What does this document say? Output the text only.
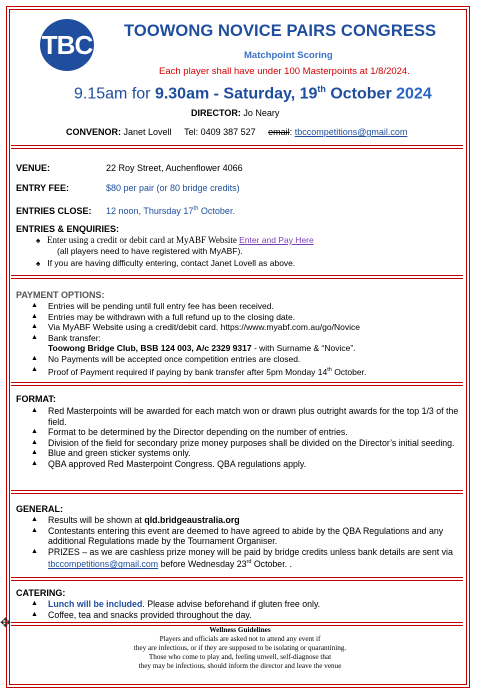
TBC TOOWONG NOVICE PAIRS CONGRESS
Matchpoint Scoring
Each player shall have under 100 Masterpoints at 1/8/2024.
9.15am for 9.30am - Saturday, 19th October 2024
DIRECTOR: Jo Neary
CONVENOR: Janet Lovell Tel: 0409 387 527 email: tbccompetitions@gmail.com
VENUE:	22 Roy Street, Auchenflower 4066
ENTRY FEE:	$80 per pair (or 80 bridge credits)
ENTRIES CLOSE: 12 noon, Thursday 17th October.
ENTRIES & ENQUIRIES:
♠ Enter using a credit or debit card at MyABF Website Enter and Pay Here
(all players need to have registered with MyABF).
♠ If you are having difficulty entering, contact Janet Lovell as above.
PAYMENT OPTIONS:
▲ Entries will be pending until full entry fee has been received.
▲ Entries may be withdrawn with a full refund up to the closing date.
▲ Via MyABF Website using a credit/debit card. https://www.myabf.com.au/go/Novice
▲ Bank transfer:
Toowong Bridge Club, BSB 124 003, A/c 2329 9317 - with Surname & “Novice”.
▲ No Payments will be accepted once competition entries are closed.
▲ Proof of Payment required if paying by bank transfer after 5pm Monday 14th October.
FORMAT:
▲ Red Masterpoints will be awarded for each match won or drawn plus outright awards for the top 1/3 of the field.
▲ Format to be determined by the Director depending on the number of entries.
▲ Division of the field for secondary prize money purposes shall be divided on the Director’s initial seeding.
▲ Blue and green sticker systems only.
▲ QBA approved Red Masterpoint Congress. QBA regulations apply.
GENERAL:
▲ Results will be shown at qld.bridgeaustralia.org
▲ Contestants entering this event are deemed to have agreed to abide by the QBA Regulations and any additional Regulations made by the Tournament Organiser.
▲ PRIZES – as we are cashless prize money will be paid by bridge credits unless bank details are sent via tbccompetitions@gmail.com before Wednesday 23rd October. .
CATERING:
▲ Lunch will be included. Please advise beforehand if gluten free only.
▲ Coffee, tea and snacks provided throughout the day.
✥	Wellness Guidelines
Players and officials are asked not to attend any event if
they are infectious, or if they are supposed to be isolating or quarantining.
Those who come to play and, feeling unwell, self-diagnose that
they may be infectious, should inform the director and leave the venue
